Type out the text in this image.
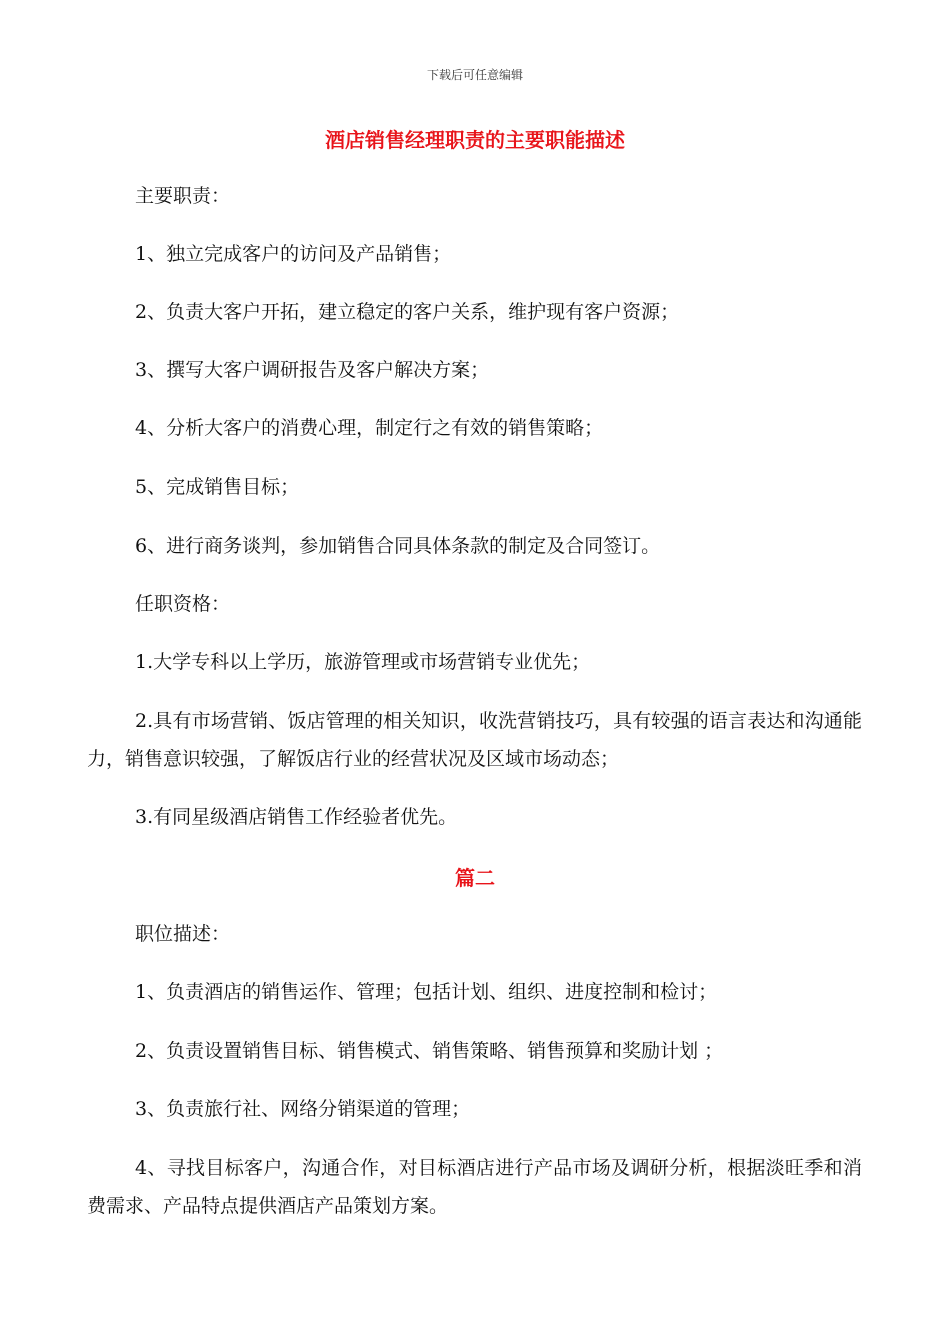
下载后可任意编辑
酒店销售经理职责的主要职能描述
主要职责：
1、独立完成客户的访问及产品销售；
2、负责大客户开拓，建立稳定的客户关系，维护现有客户资源；
3、撰写大客户调研报告及客户解决方案；
4、分析大客户的消费心理，制定行之有效的销售策略；
5、完成销售目标；
6、进行商务谈判，参加销售合同具体条款的制定及合同签订。
任职资格：
1.大学专科以上学历，旅游管理或市场营销专业优先；
2.具有市场营销、饭店管理的相关知识，收洗营销技巧，具有较强的语言表达和沟通能力，销售意识较强，了解饭店行业的经营状况及区域市场动态；
3.有同星级酒店销售工作经验者优先。
篇二
职位描述：
1、负责酒店的销售运作、管理；包括计划、组织、进度控制和检讨；
2、负责设置销售目标、销售模式、销售策略、销售预算和奖励计划 ；
3、负责旅行社、网络分销渠道的管理；
4、寻找目标客户，沟通合作，对目标酒店进行产品市场及调研分析，根据淡旺季和消费需求、产品特点提供酒店产品策划方案。
